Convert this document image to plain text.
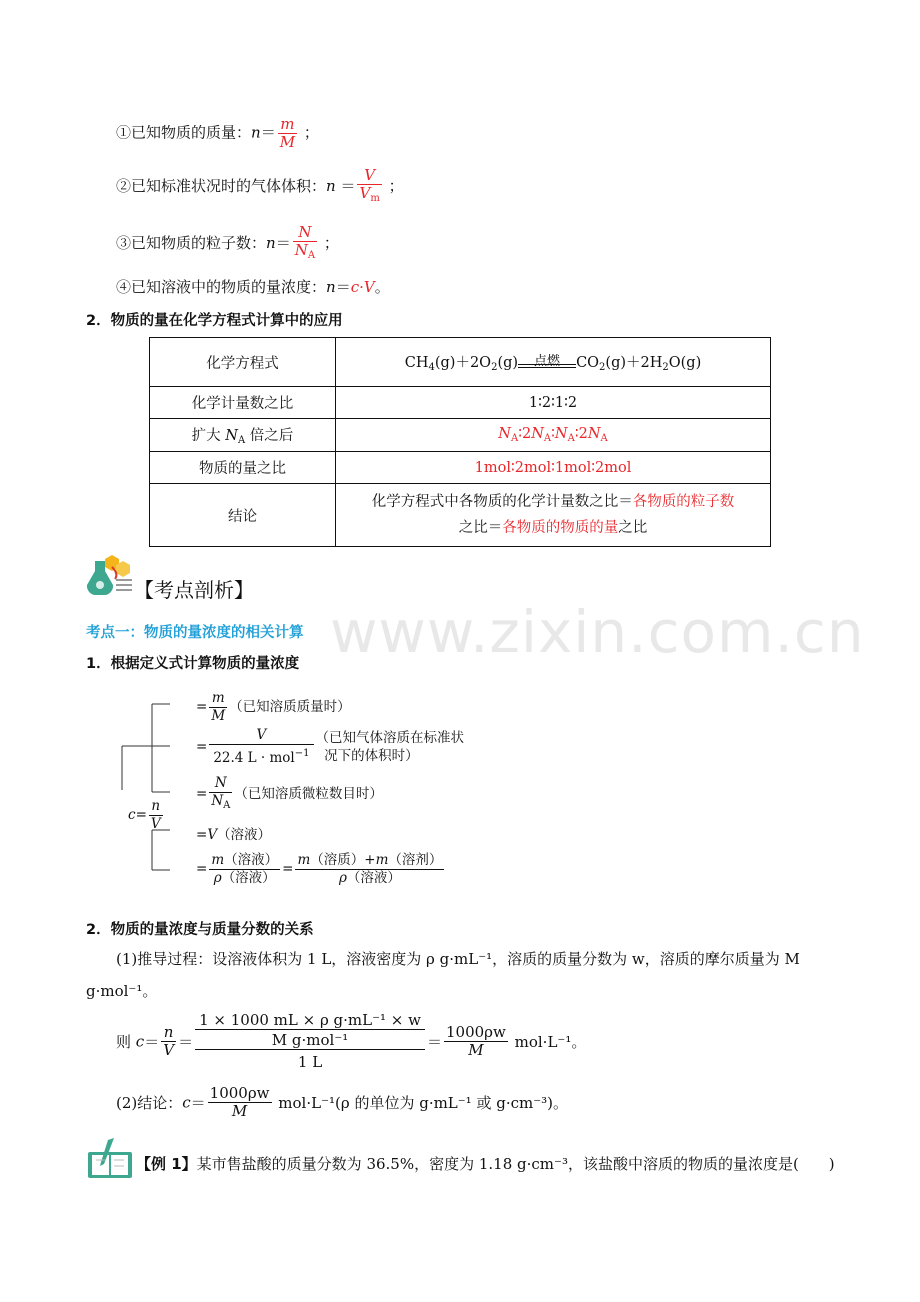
www.zixin.com.cn
①已知物质的质量：$n= \frac{m}{M}$ ；
②已知标准状况时的气体体积：$n = \frac{V}{V_m}$ ；
③已知物质的粒子数：$n= \frac{N}{N_A}$ ；
④已知溶液中的物质的量浓度：n＝c·V。
2．物质的量在化学方程式计算中的应用
化学方程式	$CH_4(g)+2O_2(g)$ 点燃 $CO_2(g)+2H_2O(g)$
化学计量数之比	1∶2∶1∶2
扩大 $N_A$ 倍之后	$N_A∶2N_A∶N_A∶2N_A$
物质的量之比	1mol∶2mol∶1mol∶2mol
结论	化学方程式中各物质的化学计量数之比＝各物质的粒子数
之比＝各物质的物质的量之比
【考点剖析】
考点一：物质的量浓度的相关计算
1．根据定义式计算物质的量浓度
$c= \frac{n}{V}$
= $\frac{m}{M}$ （已知溶质质量时）
= $\frac{V}{22.4 L \cdot mol^{-1}}$ （已知气体溶质在标准状
况下的体积时）
= $\frac{N}{N_A}$ （已知溶质微粒数目时）
=V（溶液）
= $\frac{\text{m（溶液）}}{\text{ρ（溶液）}} = \frac{\text{m（溶质）+m（溶剂）}}{\text{ρ（溶液）}}$
2．物质的量浓度与质量分数的关系
(1)推导过程：设溶液体积为 1 L，溶液密度为 ρ g·mL⁻¹，溶质的质量分数为 w，溶质的摩尔质量为 M
g·mol⁻¹。
则 $c= \frac{n}{V}$ ＝
1 × 1000 mL × ρ g·mL⁻¹ × w
M g·mol⁻¹
1 L
＝ $\frac{1000\rho w}{M} mol\cdot L^{-1}$。
(2)结论：$c= \frac{1000\rho w}{M} mol\cdot L^{-1}(\rho$ 的单位为 g·mL⁻¹ 或 g·cm⁻³)。
【例 1】某市售盐酸的质量分数为 36.5%，密度为 1.18 g·cm⁻³，该盐酸中溶质的物质的量浓度是(　　)
